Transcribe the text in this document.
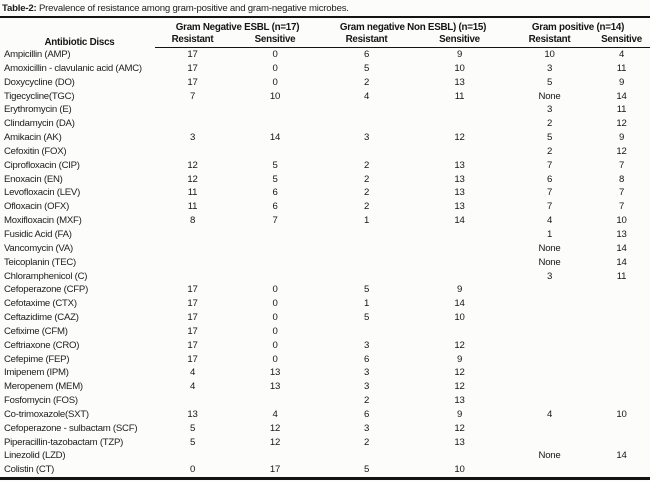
Table-2: Prevalence of resistance among gram-positive and gram-negative microbes.
Antibiotic Discs	Gram Negative ESBL (n=17)		Gram negative Non ESBL) (n=15)		Gram positive (n=14)	
	Resistant	Sensitive	Resistant	Sensitive	Resistant	Sensitive
Ampicillin (AMP)	17	0	6	9	10	4
Amoxicillin - clavulanic acid (AMC)	17	0	5	10	3	11
Doxycycline (DO)	17	0	2	13	5	9
Tigecycline(TGC)	7	10	4	11	None	14
Erythromycin (E)					3	11
Clindamycin (DA)					2	12
Amikacin (AK)	3	14	3	12	5	9
Cefoxitin (FOX)					2	12
Ciprofloxacin (CIP)	12	5	2	13	7	7
Enoxacin (EN)	12	5	2	13	6	8
Levofloxacin (LEV)	11	6	2	13	7	7
Ofloxacin (OFX)	11	6	2	13	7	7
Moxifloxacin (MXF)	8	7	1	14	4	10
Fusidic Acid (FA)					1	13
Vancomycin (VA)					None	14
Teicoplanin (TEC)					None	14
Chloramphenicol (C)					3	11
Cefoperazone (CFP)	17	0	5	9		
Cefotaxime (CTX)	17	0	1	14		
Ceftazidime (CAZ)	17	0	5	10		
Cefixime (CFM)	17	0				
Ceftriaxone (CRO)	17	0	3	12		
Cefepime (FEP)	17	0	6	9		
Imipenem (IPM)	4	13	3	12		
Meropenem (MEM)	4	13	3	12		
Fosfomycin (FOS)			2	13		
Co-trimoxazole(SXT)	13	4	6	9	4	10
Cefoperazone - sulbactam (SCF)	5	12	3	12		
Piperacillin-tazobactam (TZP)	5	12	2	13		
Linezolid (LZD)					None	14
Colistin (CT)	0	17	5	10		
